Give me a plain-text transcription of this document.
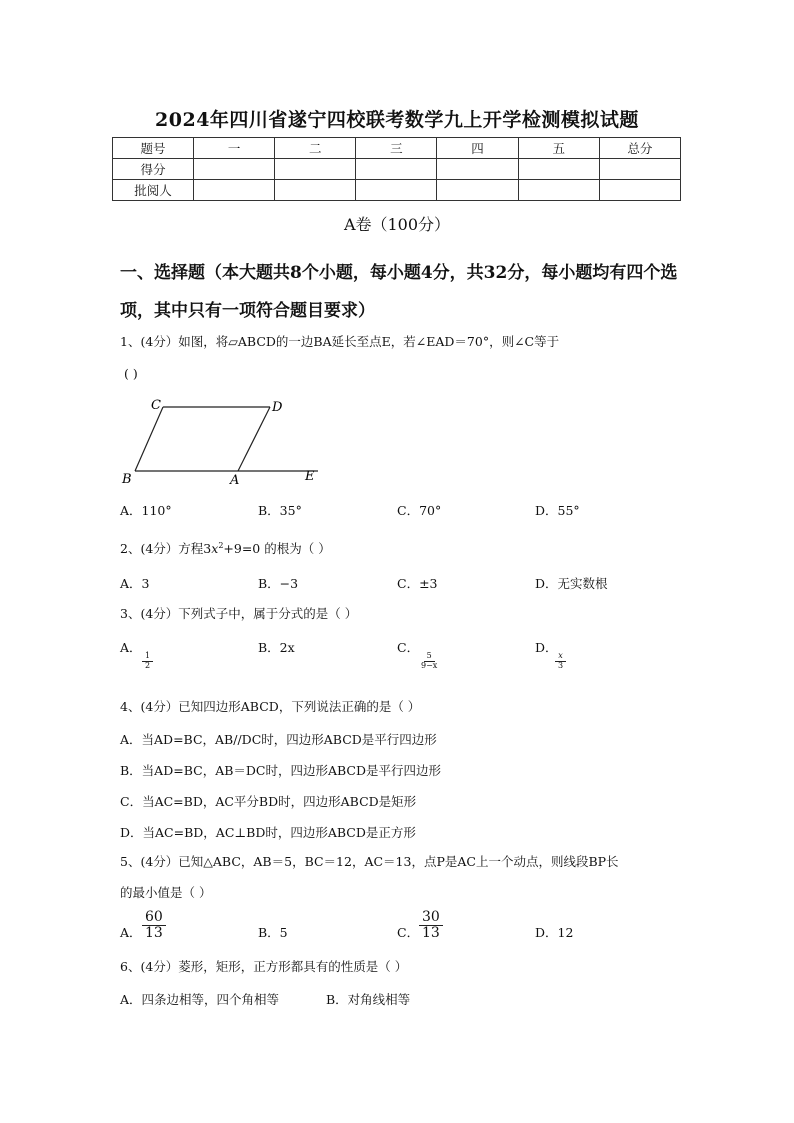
2024年四川省遂宁四校联考数学九上开学检测模拟试题
题号	一	二	三	四	五	总分
得分						
批阅人						
A卷（100分）
一、选择题（本大题共8个小题，每小题4分，共32分，每小题均有四个选项，其中只有一项符合题目要求）
1、(4分）如图，将▱ABCD的一边BA延长至点E，若∠EAD＝70°，则∠C等于
( )
C	D
B	A	E
A．110°	B．35°	C．70°	D．55°
2、(4分）方程$3x^2+9=0$ 的根为（ ）
A．3	B．−3	C．±3	D．无实数根
3、(4分）下列式子中，属于分式的是（ ）
A．
$\frac{1}{2}$
B．2x	C．
$\frac{5}{9-x}$
D．
$\frac{x}{3}$
4、(4分）已知四边形ABCD，下列说法正确的是（ ）
A．当AD=BC，AB//DC时，四边形ABCD是平行四边形
B．当AD=BC，AB＝DC时，四边形ABCD是平行四边形
C．当AC=BD，AC平分BD时，四边形ABCD是矩形
D．当AC=BD，AC⊥BD时，四边形ABCD是正方形
5、(4分）已知△ABC，AB＝5，BC＝12，AC＝13，点P是AC上一个动点，则线段BP长
的最小值是（ ）
A． $\frac{60}{13}$	B．5	C． $\frac{30}{13}$	D．12
6、(4分）菱形，矩形，正方形都具有的性质是（ ）
A．四条边相等，四个角相等	B．对角线相等
